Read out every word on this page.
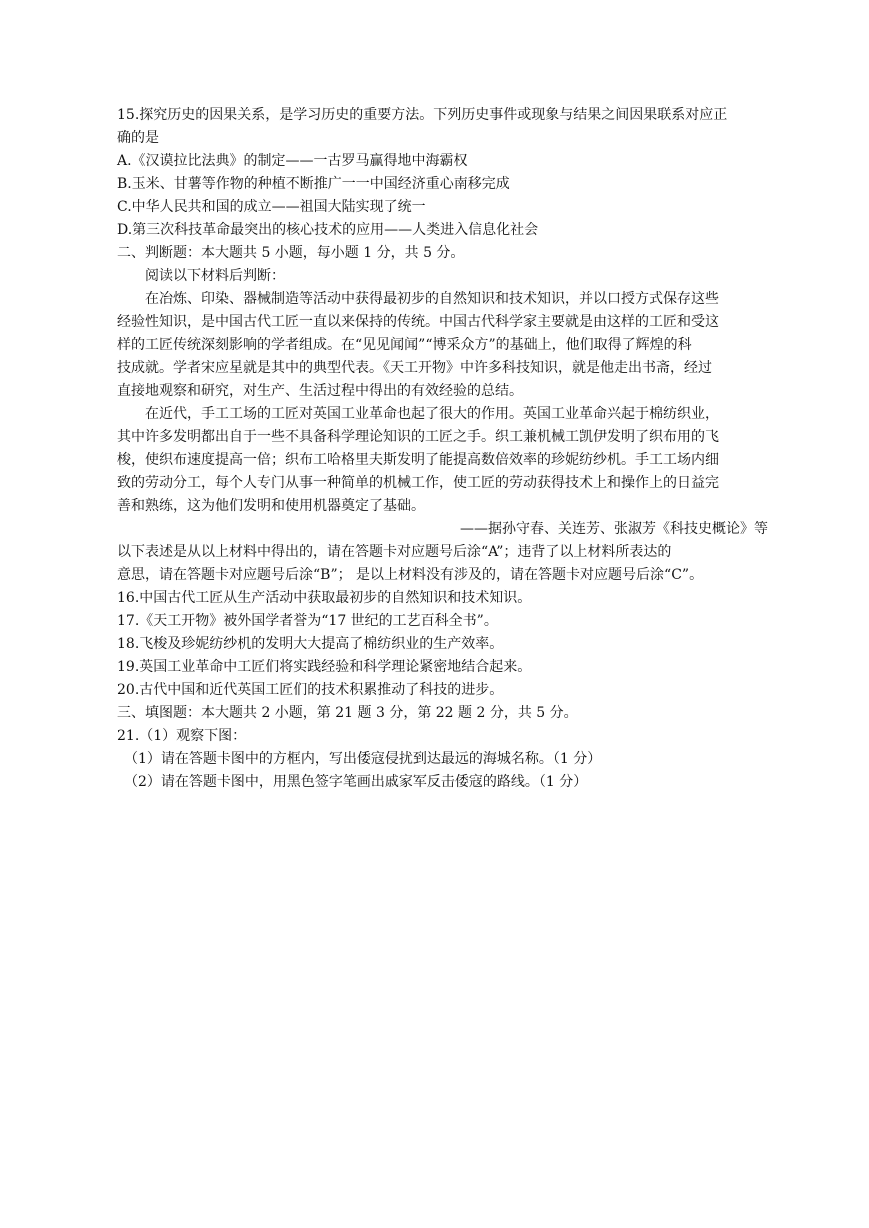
15.探究历史的因果关系，是学习历史的重要方法。下列历史事件或现象与结果之间因果联系对应正
确的是
A.《汉谟拉比法典》的制定——一古罗马赢得地中海霸权
B.玉米、甘薯等作物的种植不断推广一一中国经济重心南移完成
C.中华人民共和国的成立——祖国大陆实现了统一
D.第三次科技革命最突出的核心技术的应用——人类进入信息化社会
二、判断题：本大题共 5 小题，每小题 1 分，共 5 分。
阅读以下材料后判断：
在冶炼、印染、器械制造等活动中获得最初步的自然知识和技术知识，并以口授方式保存这些
经验性知识，是中国古代工匠一直以来保持的传统。中国古代科学家主要就是由这样的工匠和受这
样的工匠传统深刻影响的学者组成。在“见见闻闻”“博采众方”的基础上，他们取得了辉煌的科
技成就。学者宋应星就是其中的典型代表。《天工开物》中许多科技知识，就是他走出书斋，经过
直接地观察和研究，对生产、生活过程中得出的有效经验的总结。
在近代，手工工场的工匠对英国工业革命也起了很大的作用。英国工业革命兴起于棉纺织业，
其中许多发明都出自于一些不具备科学理论知识的工匠之手。织工兼机械工凯伊发明了织布用的飞
梭，使织布速度提高一倍；织布工哈格里夫斯发明了能提高数倍效率的珍妮纺纱机。手工工场内细
致的劳动分工，每个人专门从事一种简单的机械工作，使工匠的劳动获得技术上和操作上的日益完
善和熟练，这为他们发明和使用机器奠定了基础。
——据孙守春、关连芳、张淑芳《科技史概论》等
以下表述是从以上材料中得出的，请在答题卡对应题号后涂“A”；违背了以上材料所表达的
意思，请在答题卡对应题号后涂“B”； 是以上材料没有涉及的，请在答题卡对应题号后涂“C”。
16.中国古代工匠从生产活动中获取最初步的自然知识和技术知识。
17.《天工开物》被外国学者誉为“17 世纪的工艺百科全书”。
18.飞梭及珍妮纺纱机的发明大大提高了棉纺织业的生产效率。
19.英国工业革命中工匠们将实践经验和科学理论紧密地结合起来。
20.古代中国和近代英国工匠们的技术积累推动了科技的进步。
三、填图题：本大题共 2 小题，第 21 题 3 分，第 22 题 2 分，共 5 分。
21.（1）观察下图：
（1）请在答题卡图中的方框内，写出倭寇侵扰到达最远的海城名称。（1 分）
（2）请在答题卡图中，用黑色签字笔画出戚家军反击倭寇的路线。（1 分）
